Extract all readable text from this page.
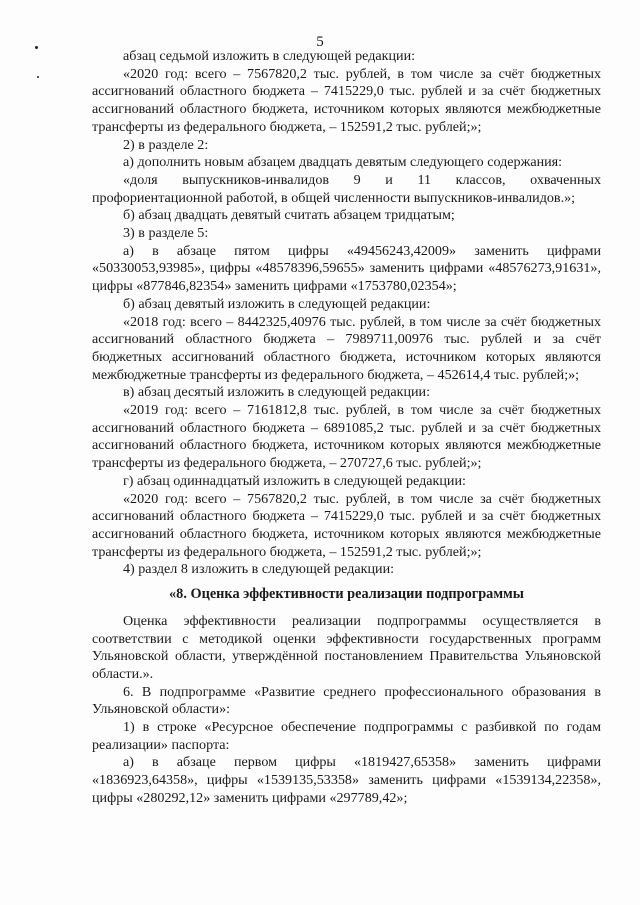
5

абзац седьмой изложить в следующей редакции:

«2020 год: всего – 7567820,2 тыс. рублей, в том числе за счёт бюджетных ассигнований областного бюджета – 7415229,0 тыс. рублей и за счёт бюджетных ассигнований областного бюджета, источником которых являются межбюджетные трансферты из федерального бюджета, – 152591,2 тыс. рублей;»;

2) в разделе 2:

а) дополнить новым абзацем двадцать девятым следующего содержания:

«доля выпускников-инвалидов 9 и 11 классов, охваченных профориентационной работой, в общей численности выпускников-инвалидов.»;

б) абзац двадцать девятый считать абзацем тридцатым;

3) в разделе 5:

а) в абзаце пятом цифры «49456243,42009» заменить цифрами «50330053,93985», цифры «48578396,59655» заменить цифрами «48576273,91631», цифры «877846,82354» заменить цифрами «1753780,02354»;

б) абзац девятый изложить в следующей редакции:

«2018 год: всего – 8442325,40976 тыс. рублей, в том числе за счёт бюджетных ассигнований областного бюджета – 7989711,00976 тыс. рублей и за счёт бюджетных ассигнований областного бюджета, источником которых являются межбюджетные трансферты из федерального бюджета, – 452614,4 тыс. рублей;»;

в) абзац десятый изложить в следующей редакции:

«2019 год: всего – 7161812,8 тыс. рублей, в том числе за счёт бюджетных ассигнований областного бюджета – 6891085,2 тыс. рублей и за счёт бюджетных ассигнований областного бюджета, источником которых являются межбюджетные трансферты из федерального бюджета, – 270727,6 тыс. рублей;»;

г) абзац одиннадцатый изложить в следующей редакции:

«2020 год: всего – 7567820,2 тыс. рублей, в том числе за счёт бюджетных ассигнований областного бюджета – 7415229,0 тыс. рублей и за счёт бюджетных ассигнований областного бюджета, источником которых являются межбюджетные трансферты из федерального бюджета, – 152591,2 тыс. рублей;»;

4) раздел 8 изложить в следующей редакции:

«8. Оценка эффективности реализации подпрограммы

Оценка эффективности реализации подпрограммы осуществляется в соответствии с методикой оценки эффективности государственных программ Ульяновской области, утверждённой постановлением Правительства Ульяновской области.».

6. В подпрограмме «Развитие среднего профессионального образования в Ульяновской области»:

1) в строке «Ресурсное обеспечение подпрограммы с разбивкой по годам реализации» паспорта:

а) в абзаце первом цифры «1819427,65358» заменить цифрами «1836923,64358», цифры «1539135,53358» заменить цифрами «1539134,22358», цифры «280292,12» заменить цифрами «297789,42»;
